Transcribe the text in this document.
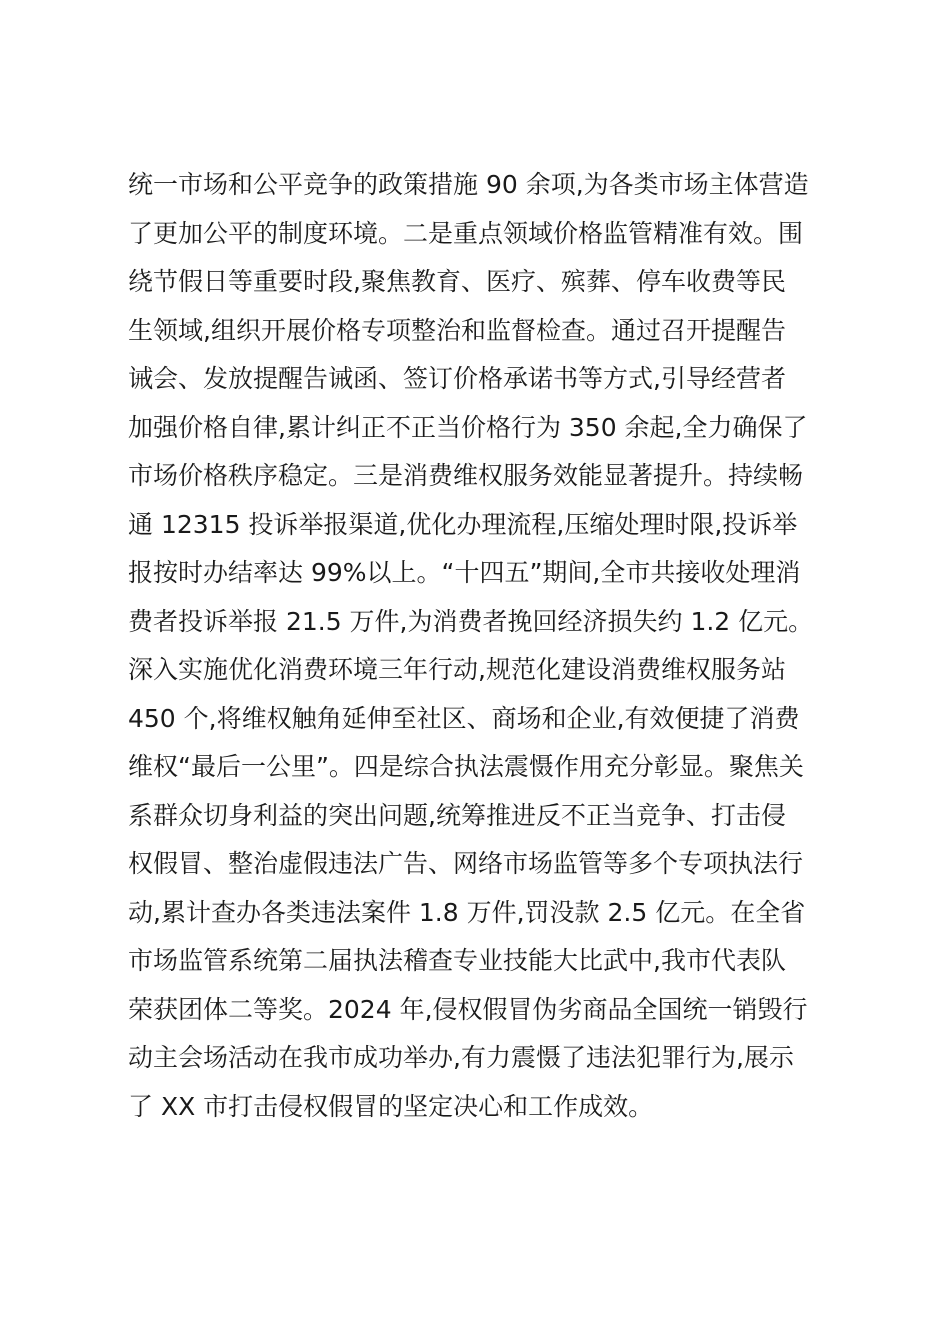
统一市场和公平竞争的政策措施 90 余项,为各类市场主体营造
了更加公平的制度环境。二是重点领域价格监管精准有效。围
绕节假日等重要时段,聚焦教育、医疗、殡葬、停车收费等民
生领域,组织开展价格专项整治和监督检查。通过召开提醒告
诫会、发放提醒告诫函、签订价格承诺书等方式,引导经营者
加强价格自律,累计纠正不正当价格行为 350 余起,全力确保了
市场价格秩序稳定。三是消费维权服务效能显著提升。持续畅
通 12315 投诉举报渠道,优化办理流程,压缩处理时限,投诉举
报按时办结率达 99%以上。“十四五”期间,全市共接收处理消
费者投诉举报 21.5 万件,为消费者挽回经济损失约 1.2 亿元。
深入实施优化消费环境三年行动,规范化建设消费维权服务站
450 个,将维权触角延伸至社区、商场和企业,有效便捷了消费
维权“最后一公里”。四是综合执法震慑作用充分彰显。聚焦关
系群众切身利益的突出问题,统筹推进反不正当竞争、打击侵
权假冒、整治虚假违法广告、网络市场监管等多个专项执法行
动,累计查办各类违法案件 1.8 万件,罚没款 2.5 亿元。在全省
市场监管系统第二届执法稽查专业技能大比武中,我市代表队
荣获团体二等奖。2024 年,侵权假冒伪劣商品全国统一销毁行
动主会场活动在我市成功举办,有力震慑了违法犯罪行为,展示
了 XX 市打击侵权假冒的坚定决心和工作成效。
